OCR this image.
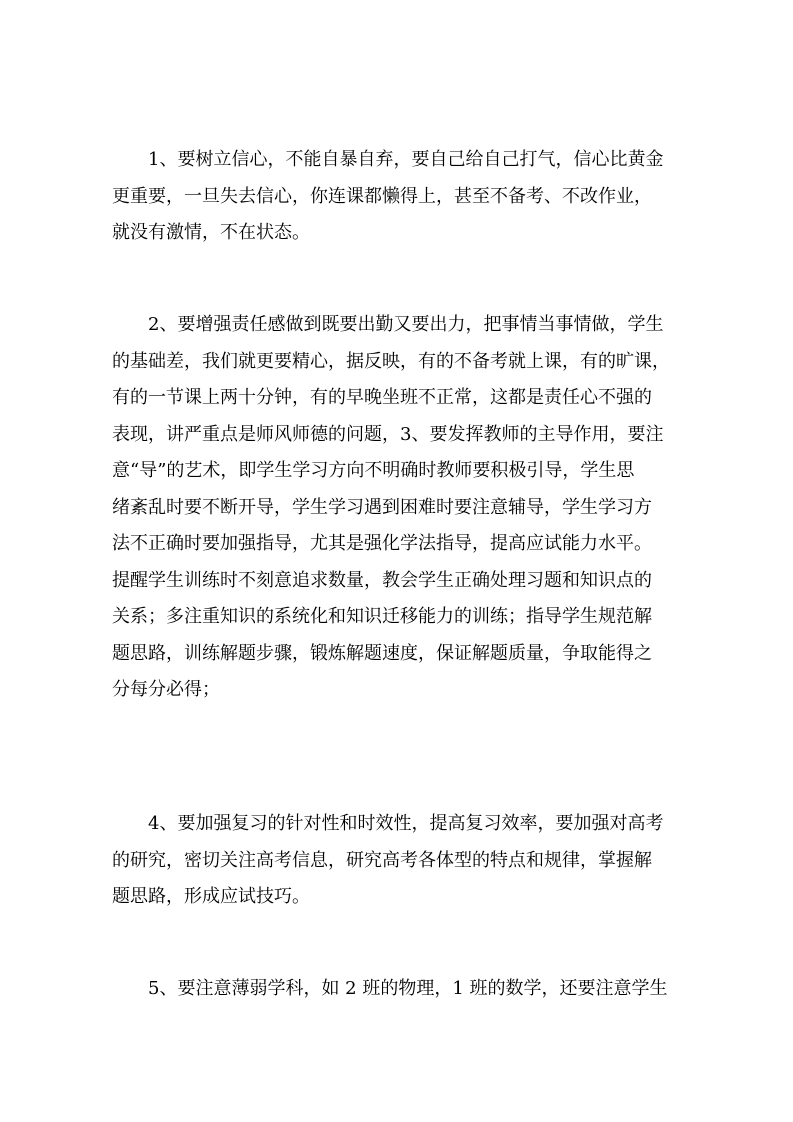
1、要树立信心，不能自暴自弃，要自己给自己打气，信心比黄金
更重要，一旦失去信心，你连课都懒得上，甚至不备考、不改作业，
就没有激情，不在状态。

2、要增强责任感做到既要出勤又要出力，把事情当事情做，学生
的基础差，我们就更要精心，据反映，有的不备考就上课，有的旷课，
有的一节课上两十分钟，有的早晚坐班不正常，这都是责任心不强的
表现，讲严重点是师风师德的问题，3、要发挥教师的主导作用，要注
意“导”的艺术，即学生学习方向不明确时教师要积极引导，学生思
绪紊乱时要不断开导，学生学习遇到困难时要注意辅导，学生学习方
法不正确时要加强指导，尤其是强化学法指导，提高应试能力水平。
提醒学生训练时不刻意追求数量，教会学生正确处理习题和知识点的
关系；多注重知识的系统化和知识迁移能力的训练；指导学生规范解
题思路，训练解题步骤，锻炼解题速度，保证解题质量，争取能得之
分每分必得；

4、要加强复习的针对性和时效性，提高复习效率，要加强对高考
的研究，密切关注高考信息，研究高考各体型的特点和规律，掌握解
题思路，形成应试技巧。

5、要注意薄弱学科，如 2 班的物理，1 班的数学，还要注意学生
